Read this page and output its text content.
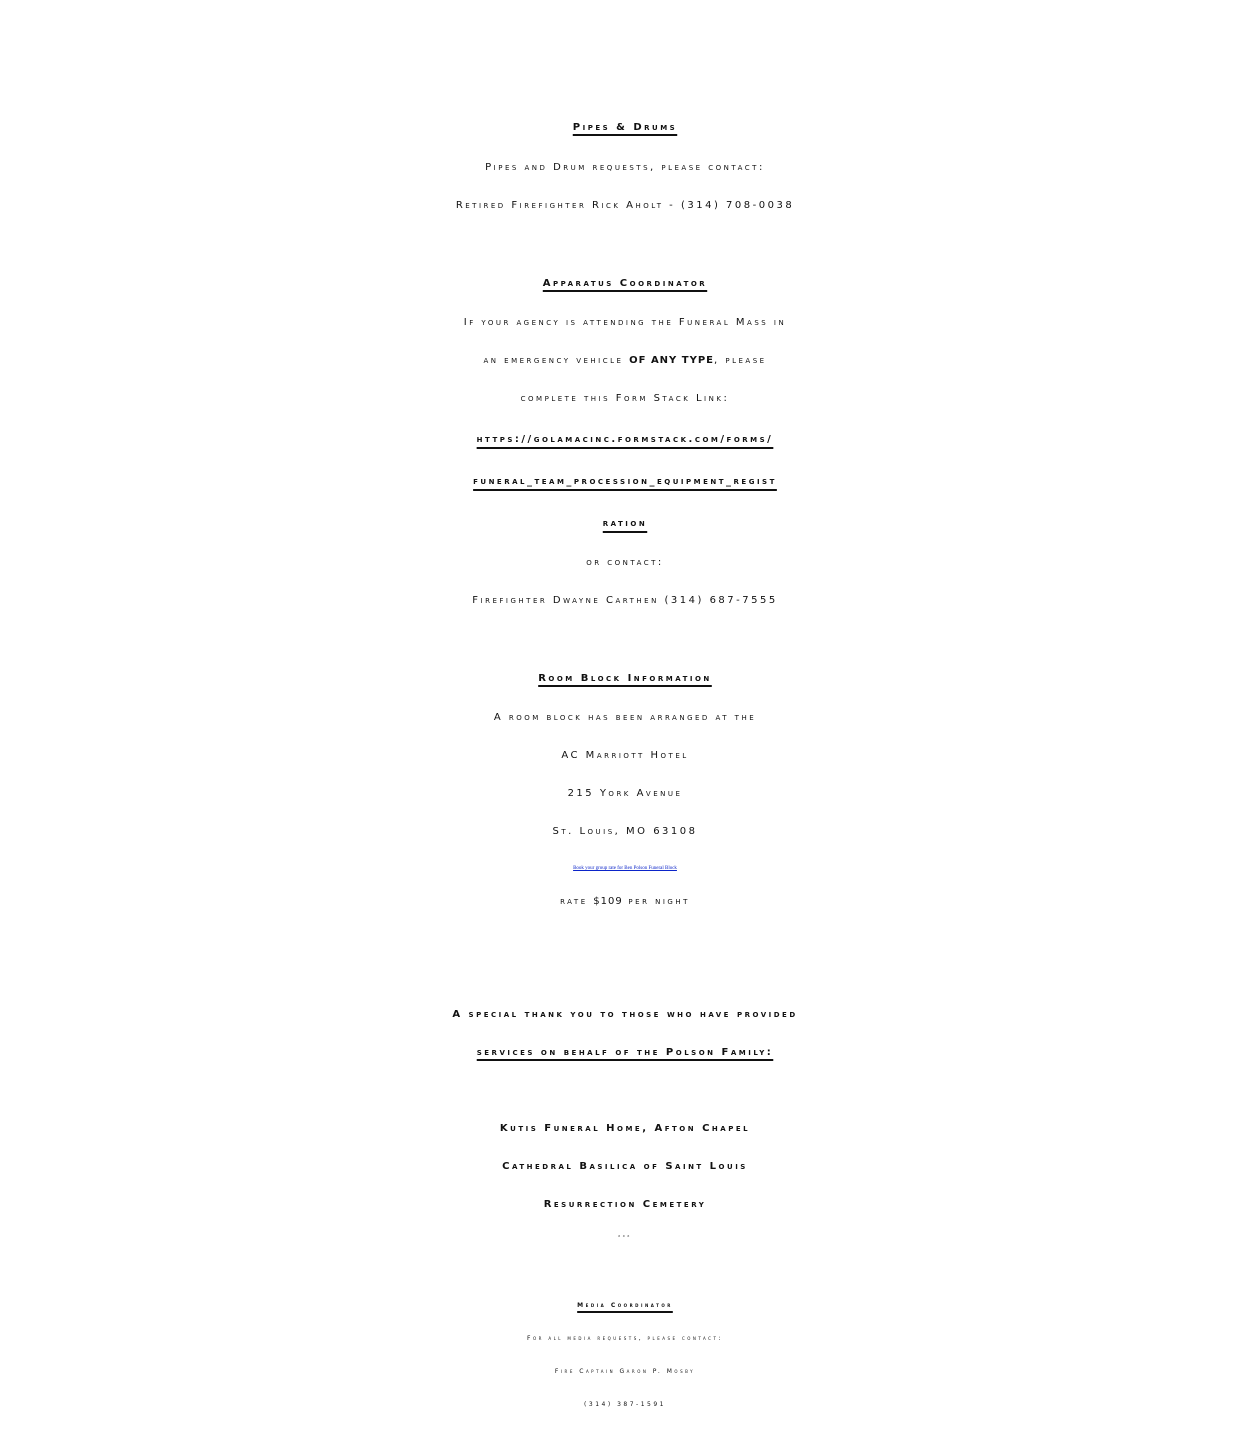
Pipes & Drums
Pipes and Drum requests, please contact:
Retired Firefighter Rick Aholt - (314) 708-0038
Apparatus Coordinator
If your agency is attending the Funeral Mass in
an emergency vehicle OF ANY TYPE, please
complete this Form Stack Link:
https://golamacinc.formstack.com/forms/
funeral_team_procession_equipment_regist
ration
or contact:
Firefighter Dwayne Carthen (314) 687-7555
Room Block Information
A room block has been arranged at the
AC Marriott Hotel
215 York Avenue
St. Louis, MO 63108
Book your group rate for Ben Polson Funeral Block
rate $109 per night
A special thank you to those who have provided
services on behalf of the Polson Family:
Kutis Funeral Home, Afton Chapel
Cathedral Basilica of Saint Louis
Resurrection Cemetery
xxx
Media Coordinator
For all media requests, please contact:
Fire Captain Garon P. Mosby
(314) 387-1591
